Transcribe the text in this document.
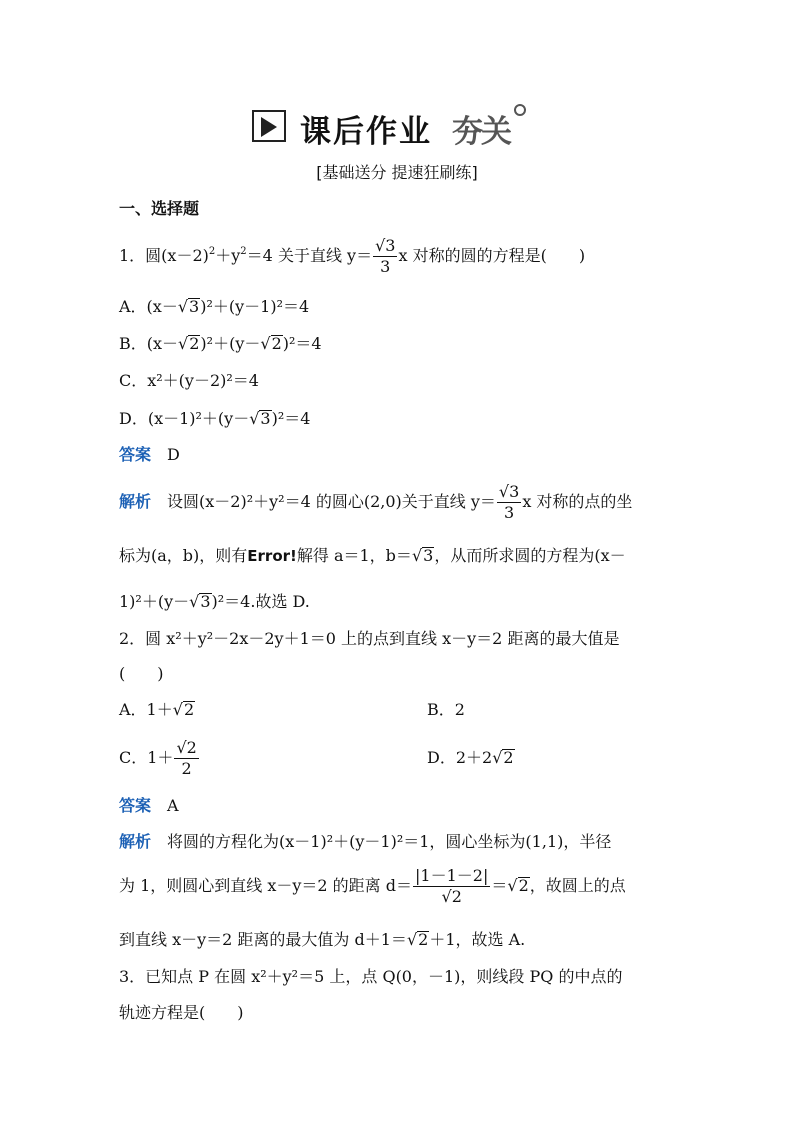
课后作业 夯关
[基础送分 提速狂刷练]
一、选择题
1．圆$(x-2)^2+y^2=4$ 关于直线 $y= \frac{√3}{3}$ x 对称的圆的方程是(　　)
A．(x－√3)²＋(y－1)²＝4
B．(x－√2)²＋(y－√2)²＝4
C．x²＋(y－2)²＝4
D．(x－1)²＋(y－√3)²＝4
答案　 D
解析　 设圆(x－2)²＋y²＝4 的圆心(2,0)关于直线 $y= \frac{√3}{3}$ x 对称的点的坐
标为(a，b)，则有Error!解得 a＝1，b＝√3，从而所求圆的方程为(x－
1)²＋(y－√3)²＝4.故选 D.
2．圆 x²＋y²－2x－2y＋1＝0 上的点到直线 x－y＝2 距离的最大值是
(　　)
A．1＋√2	B．2
C．$1+ \frac{√2}{2}$	D．2＋2√2
答案　 A
解析　 将圆的方程化为(x－1)²＋(y－1)²＝1，圆心坐标为(1,1)，半径
为 1，则圆心到直线 x－y＝2 的距离 $d= \frac{|1-1-2|}{√2} =√2$，故圆上的点
到直线 x－y＝2 距离的最大值为 d＋1＝√2＋1，故选 A.
3．已知点 P 在圆 x²＋y²＝5 上，点 Q(0，－1)，则线段 PQ 的中点的
轨迹方程是(　　)
